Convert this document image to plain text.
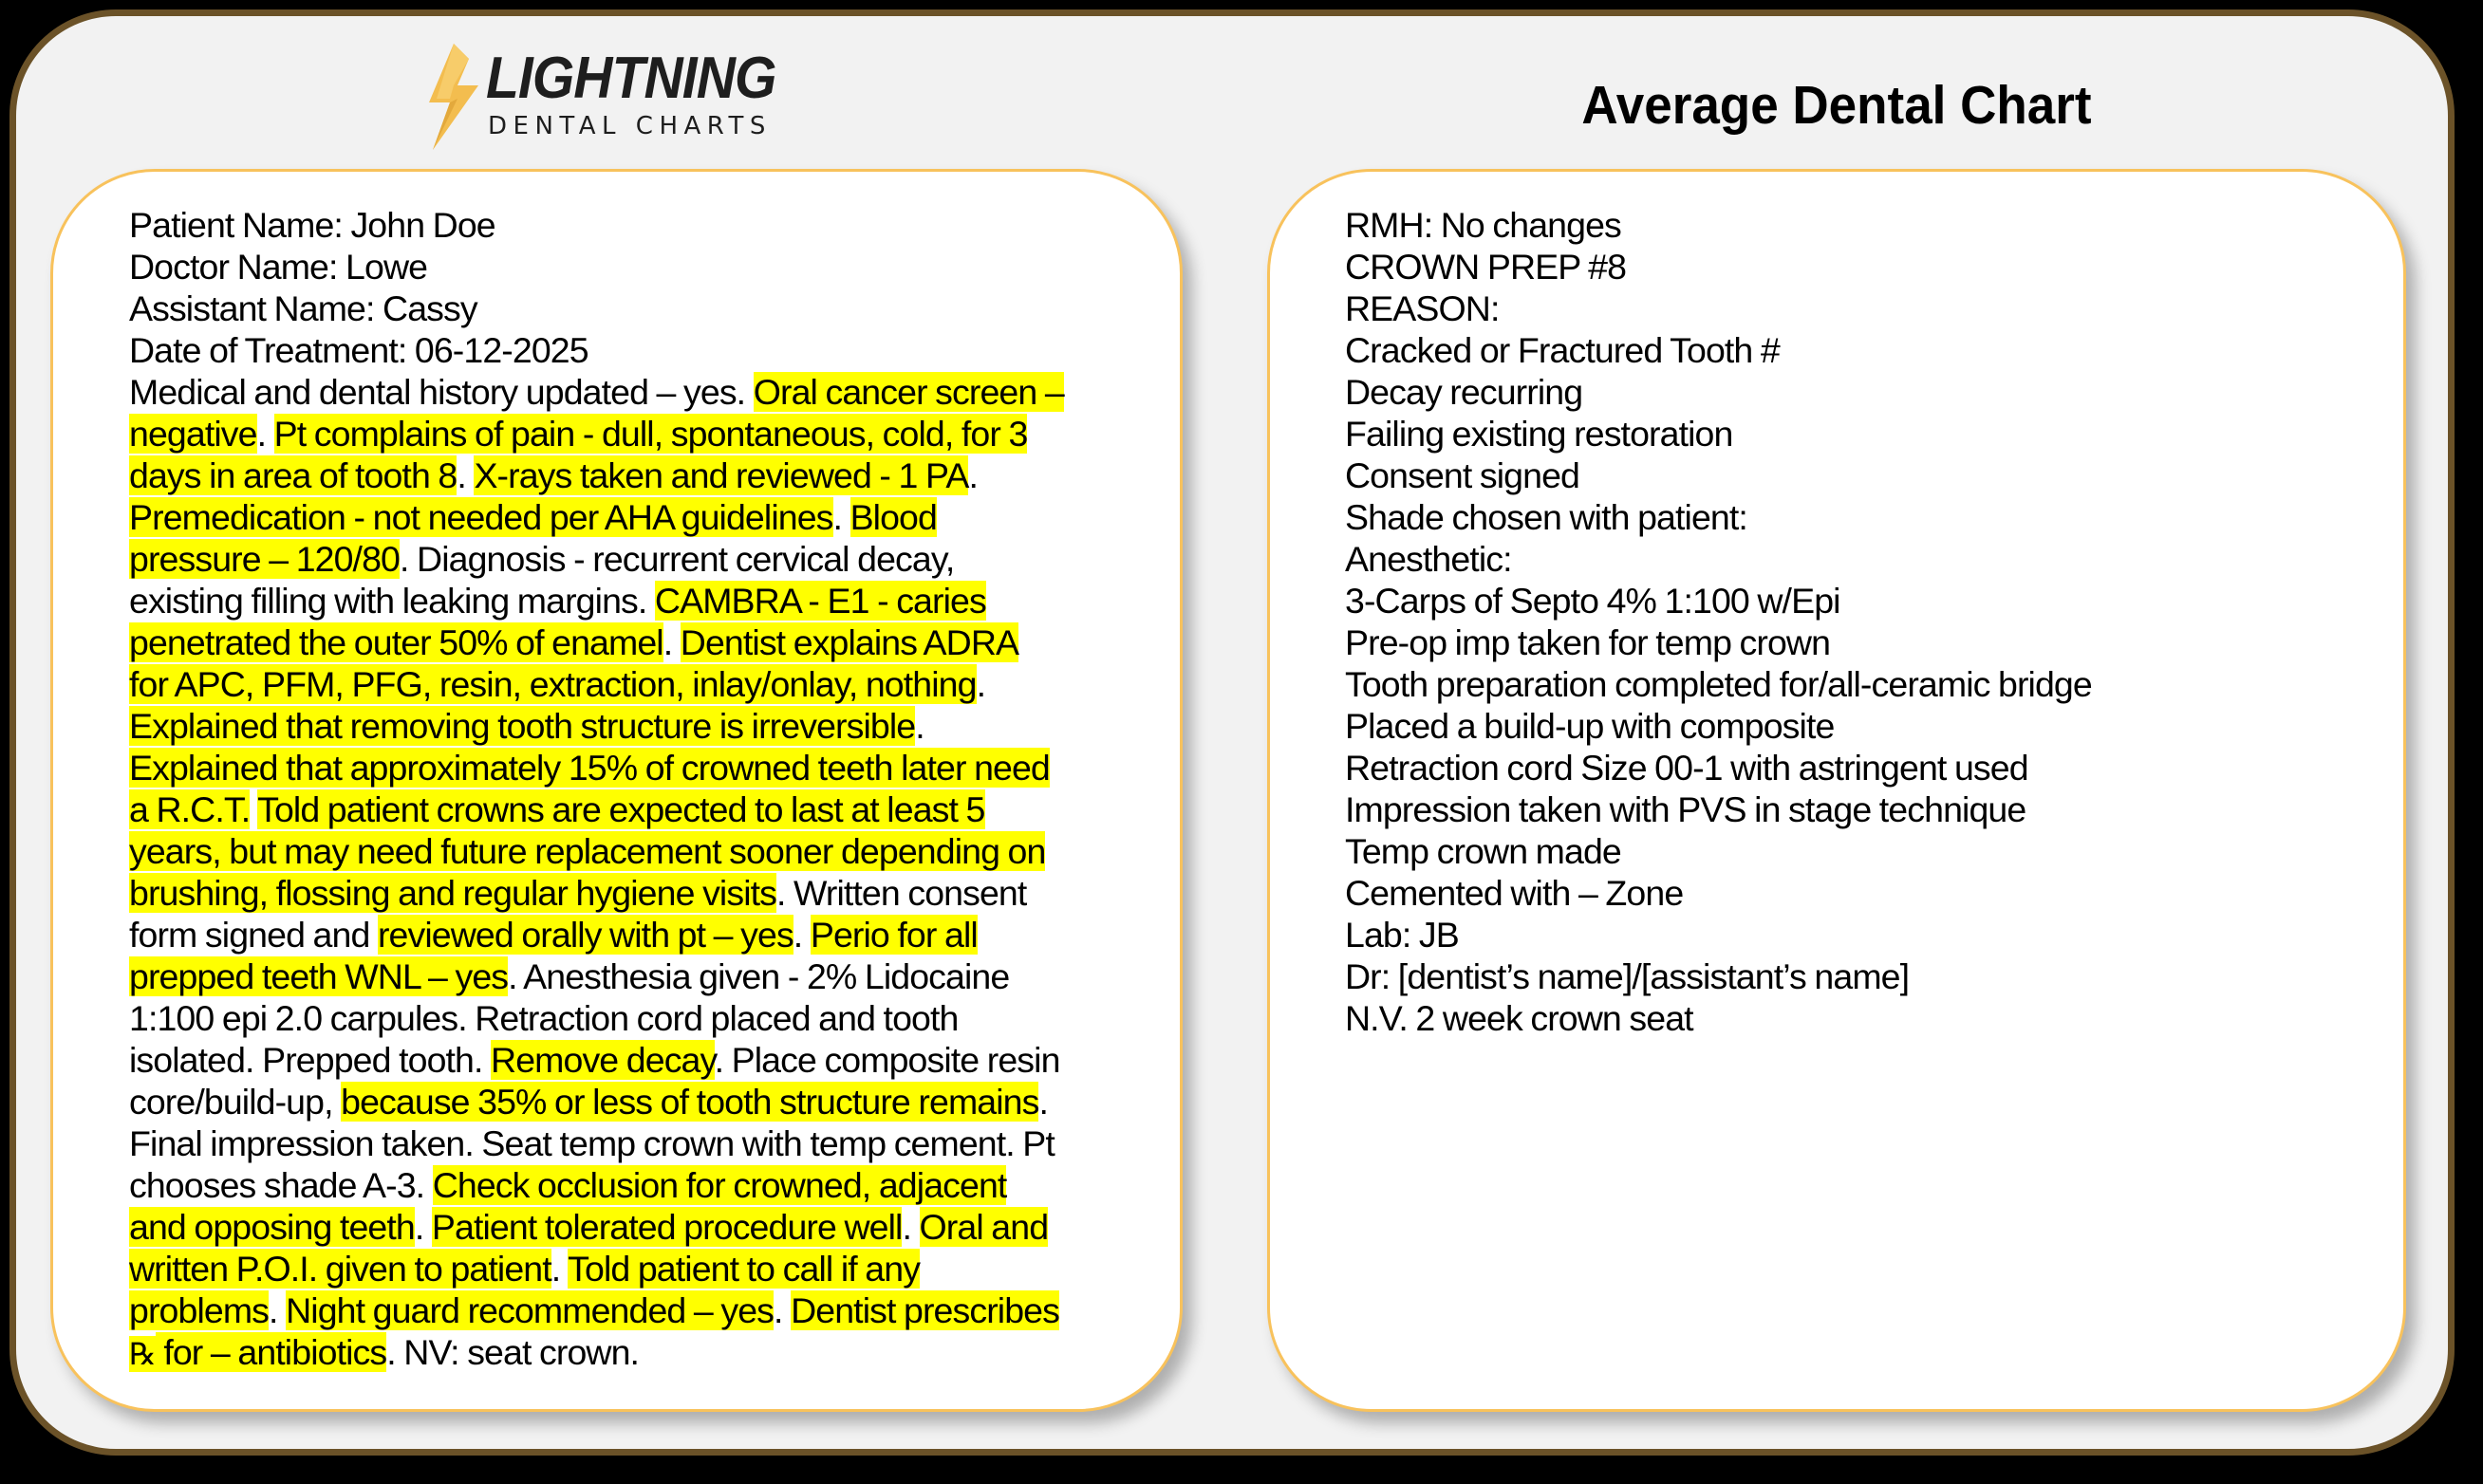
LIGHTNING
DENTAL CHARTS	Average Dental Chart
Patient Name: John Doe
Doctor Name: Lowe
Assistant Name: Cassy
Date of Treatment: 06-12-2025
Medical and dental history updated – yes. Oral cancer screen –
negative. Pt complains of pain - dull, spontaneous, cold, for 3
days in area of tooth 8. X-rays taken and reviewed - 1 PA.
Premedication - not needed per AHA guidelines. Blood
pressure – 120/80. Diagnosis - recurrent cervical decay,
existing filling with leaking margins. CAMBRA - E1 - caries
penetrated the outer 50% of enamel. Dentist explains ADRA
for APC, PFM, PFG, resin, extraction, inlay/onlay, nothing.
Explained that removing tooth structure is irreversible.
Explained that approximately 15% of crowned teeth later need
a R.C.T. Told patient crowns are expected to last at least 5
years, but may need future replacement sooner depending on
brushing, flossing and regular hygiene visits. Written consent
form signed and reviewed orally with pt – yes. Perio for all
prepped teeth WNL – yes. Anesthesia given - 2% Lidocaine
1:100 epi 2.0 carpules. Retraction cord placed and tooth
isolated. Prepped tooth. Remove decay. Place composite resin
core/build-up, because 35% or less of tooth structure remains.
Final impression taken. Seat temp crown with temp cement. Pt
chooses shade A-3. Check occlusion for crowned, adjacent
and opposing teeth. Patient tolerated procedure well. Oral and
written P.O.I. given to patient. Told patient to call if any
problems. Night guard recommended – yes. Dentist prescribes
℞ for – antibiotics. NV: seat crown.
RMH: No changes
CROWN PREP #8
REASON:
Cracked or Fractured Tooth #
Decay recurring
Failing existing restoration
Consent signed
Shade chosen with patient:
Anesthetic:
3-Carps of Septo 4% 1:100 w/Epi
Pre-op imp taken for temp crown
Tooth preparation completed for/all-ceramic bridge
Placed a build-up with composite
Retraction cord Size 00-1 with astringent used
Impression taken with PVS in stage technique
Temp crown made
Cemented with – Zone
Lab: JB
Dr: [dentist’s name]/[assistant’s name]
N.V. 2 week crown seat
